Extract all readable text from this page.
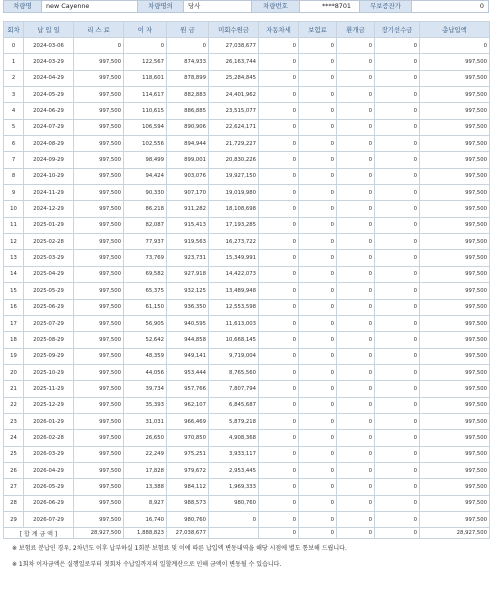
차량명	new Cayenne	차량명의	당사	차량번호	****8701	무보증잔가	0
회차	납 입 일	리 스 료	이 자	원 금	미회수원금	자동차세	보험료	환개금	장기선수금	총납입액
0	2024-03-06	0	0	0	27,038,677	0	0	0	0	0
1	2024-03-29	997,500	122,567	874,933	26,163,744	0	0	0	0	997,500
2	2024-04-29	997,500	118,601	878,899	25,284,845	0	0	0	0	997,500
3	2024-05-29	997,500	114,617	882,883	24,401,962	0	0	0	0	997,500
4	2024-06-29	997,500	110,615	886,885	23,515,077	0	0	0	0	997,500
5	2024-07-29	997,500	106,594	890,906	22,624,171	0	0	0	0	997,500
6	2024-08-29	997,500	102,556	894,944	21,729,227	0	0	0	0	997,500
7	2024-09-29	997,500	98,499	899,001	20,830,226	0	0	0	0	997,500
8	2024-10-29	997,500	94,424	903,076	19,927,150	0	0	0	0	997,500
9	2024-11-29	997,500	90,330	907,170	19,019,980	0	0	0	0	997,500
10	2024-12-29	997,500	86,218	911,282	18,108,698	0	0	0	0	997,500
11	2025-01-29	997,500	82,087	915,413	17,193,285	0	0	0	0	997,500
12	2025-02-28	997,500	77,937	919,563	16,273,722	0	0	0	0	997,500
13	2025-03-29	997,500	73,769	923,731	15,349,991	0	0	0	0	997,500
14	2025-04-29	997,500	69,582	927,918	14,422,073	0	0	0	0	997,500
15	2025-05-29	997,500	65,375	932,125	13,489,948	0	0	0	0	997,500
16	2025-06-29	997,500	61,150	936,350	12,553,598	0	0	0	0	997,500
17	2025-07-29	997,500	56,905	940,595	11,613,003	0	0	0	0	997,500
18	2025-08-29	997,500	52,642	944,858	10,668,145	0	0	0	0	997,500
19	2025-09-29	997,500	48,359	949,141	9,719,004	0	0	0	0	997,500
20	2025-10-29	997,500	44,056	953,444	8,765,560	0	0	0	0	997,500
21	2025-11-29	997,500	39,734	957,766	7,807,794	0	0	0	0	997,500
22	2025-12-29	997,500	35,393	962,107	6,845,687	0	0	0	0	997,500
23	2026-01-29	997,500	31,031	966,469	5,879,218	0	0	0	0	997,500
24	2026-02-28	997,500	26,650	970,850	4,908,368	0	0	0	0	997,500
25	2026-03-29	997,500	22,249	975,251	3,933,117	0	0	0	0	997,500
26	2026-04-29	997,500	17,828	979,672	2,953,445	0	0	0	0	997,500
27	2026-05-29	997,500	13,388	984,112	1,969,333	0	0	0	0	997,500
28	2026-06-29	997,500	8,927	988,573	980,760	0	0	0	0	997,500
29	2026-07-29	997,500	16,740	980,760	0	0	0	0	0	997,500
[ 합 계 금 액 ]		28,927,500	1,888,823	27,038,677		0	0	0	0	28,927,500
※ 보험료 분납인 경우, 2차년도 이후 납부하실 1회분 보험료 및 이에 따른 납입액 변동내역을 해당 시점에 별도 통보해 드립니다.
※ 1회차 이자금액은 실행일로부터 첫회차 수납일까지의 일할계산으로 인해 금액이 변동될 수 있습니다.
